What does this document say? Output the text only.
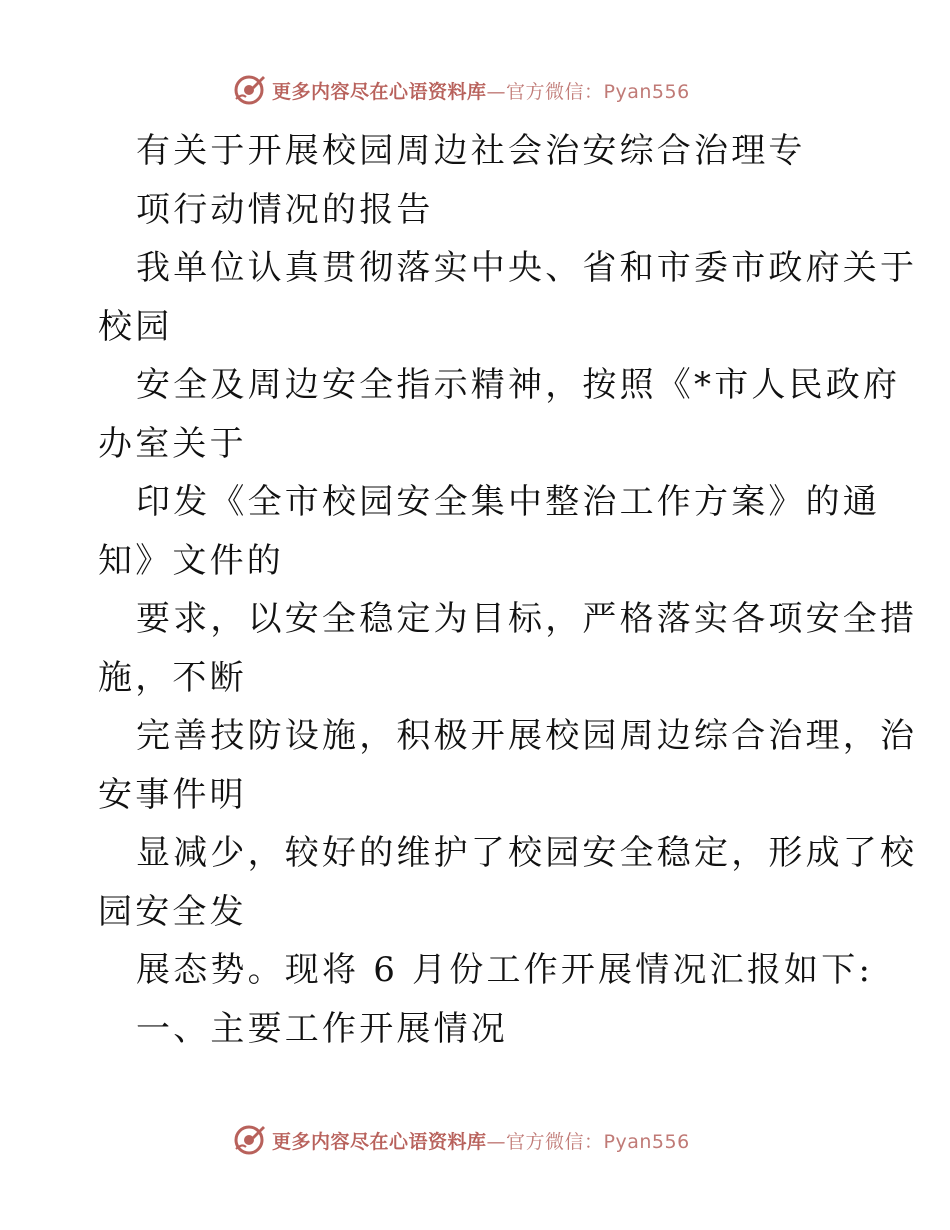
更多内容尽在心语资料库—官方微信：Pyan556
有关于开展校园周边社会治安综合治理专
项行动情况的报告
我单位认真贯彻落实中央、省和市委市政府关于
校园
安全及周边安全指示精神，按照《*市人民政府
办室关于
印发《全市校园安全集中整治工作方案》的通
知》文件的
要求，以安全稳定为目标，严格落实各项安全措
施，不断
完善技防设施，积极开展校园周边综合治理，治
安事件明
显减少，较好的维护了校园安全稳定，形成了校
园安全发
展态势。现将 6 月份工作开展情况汇报如下:
一、主要工作开展情况
更多内容尽在心语资料库—官方微信：Pyan556
